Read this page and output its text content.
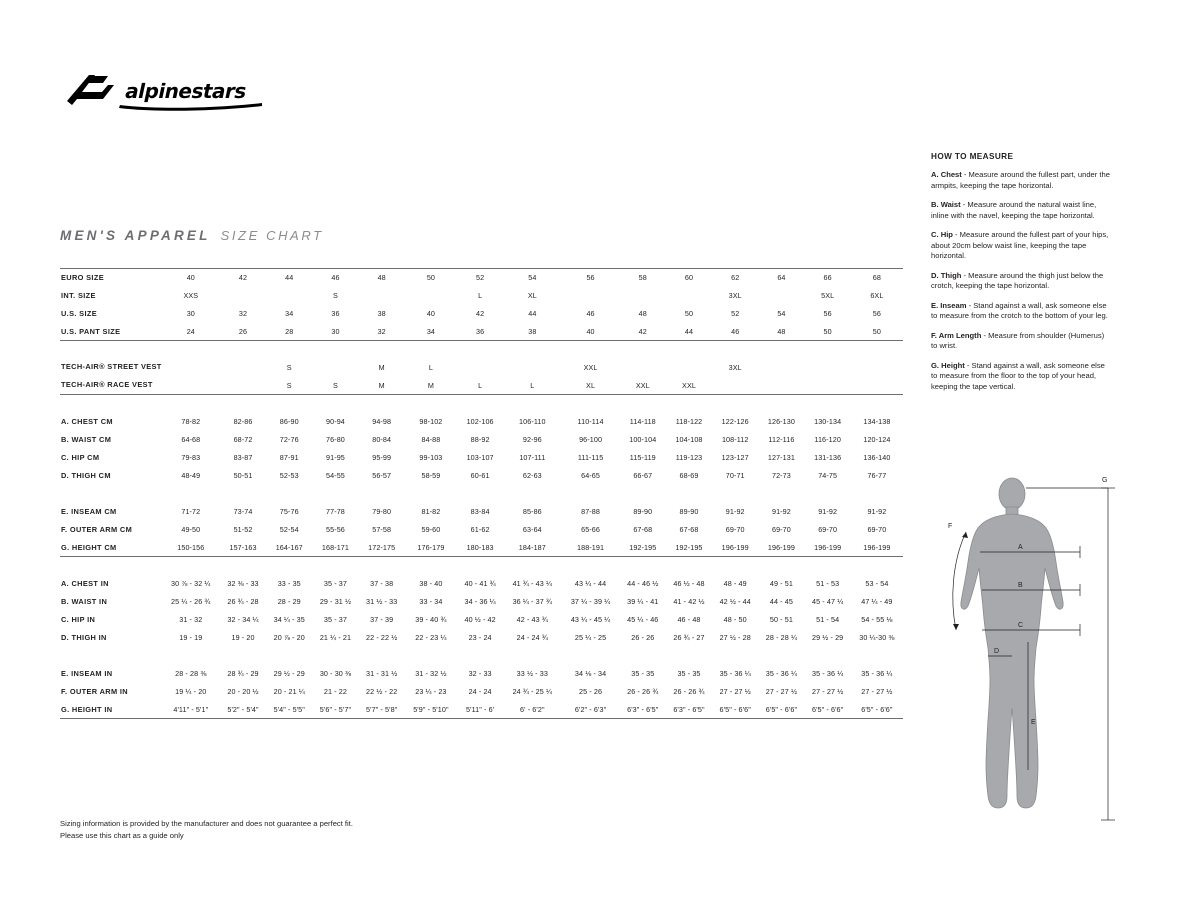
alpinestars
MEN'S APPAREL SIZE CHART
EURO SIZE	40	42	44	46	48	50	52	54	56	58	60	62	64	66	68
INT. SIZE	XXS			S			L	XL				3XL		5XL	6XL
U.S. SIZE	30	32	34	36	38	40	42	44	46	48	50	52	54	56	56
U.S. PANT SIZE	24	26	28	30	32	34	36	38	40	42	44	46	48	50	50

TECH-AIR® STREET VEST			S		M	L			XXL			3XL			
TECH-AIR® RACE VEST			S	S	M	M	L	L	XL	XXL	XXL				

A. CHEST CM	78-82	82-86	86-90	90-94	94-98	98-102	102-106	106-110	110-114	114-118	118-122	122-126	126-130	130-134	134-138
B. WAIST CM	64-68	68-72	72-76	76-80	80-84	84-88	88-92	92-96	96-100	100-104	104-108	108-112	112-116	116-120	120-124
C. HIP CM	79-83	83-87	87-91	91-95	95-99	99-103	103-107	107-111	111-115	115-119	119-123	123-127	127-131	131-136	136-140
D. THIGH CM	48-49	50-51	52-53	54-55	56-57	58-59	60-61	62-63	64-65	66-67	68-69	70-71	72-73	74-75	76-77

E. INSEAM CM	71-72	73-74	75-76	77-78	79-80	81-82	83-84	85-86	87-88	89-90	89-90	91-92	91-92	91-92	91-92
F. OUTER ARM CM	49-50	51-52	52-54	55-56	57-58	59-60	61-62	63-64	65-66	67-68	67-68	69-70	69-70	69-70	69-70
G. HEIGHT CM	150-156	157-163	164-167	168-171	172-175	176-179	180-183	184-187	188-191	192-195	192-195	196-199	196-199	196-199	196-199

A. CHEST IN	30 ⅞ - 32 ¼	32 ⅜ - 33	33 - 35	35 - 37	37 - 38	38 - 40	40 - 41 ¾	41 ¾ - 43 ¼	43 ¼ - 44	44 - 46 ½	46 ½ - 48	48 - 49	49 - 51	51 - 53	53 - 54
B. WAIST IN	25 ¼ - 26 ¾	26 ¾ - 28	28 - 29	29 - 31 ½	31 ½ - 33	33 - 34	34 - 36 ¼	36 ¼ - 37 ¾	37 ¼ - 39 ¼	39 ¼ - 41	41 - 42 ½	42 ½ - 44	44 - 45	45 - 47 ¼	47 ¼ - 49
C. HIP IN	31 - 32	32 - 34 ¼	34 ¼ - 35	35 - 37	37 - 39	39 - 40 ¾	40 ½ - 42	42 - 43 ¾	43 ¼ - 45 ¼	45 ¼ - 46	46 - 48	48 - 50	50 - 51	51 - 54	54 - 55 ⅛
D. THIGH IN	19 - 19	19 - 20	20 ⅞ - 20	21 ¼ - 21	22 - 22 ½	22 - 23 ¼	23 - 24	24 - 24 ¾	25 ¼ - 25	26 - 26	26 ¾ - 27	27 ½ - 28	28 - 28 ¼	29 ½ - 29	30 ¼-30 ⅜

E. INSEAM IN	28 - 28 ⅜	28 ¾ - 29	29 ½ - 29	30 - 30 ⅜	31 - 31 ½	31 - 32 ½	32 - 33	33 ½ - 33	34 ⅛ - 34	35 - 35	35 - 35	35 - 36 ¼	35 - 36 ¼	35 - 36 ¼	35 - 36 ¼
F. OUTER ARM IN	19 ¼ - 20	20 - 20 ½	20 - 21 ¼	21 - 22	22 ½ - 22	23 ¼ - 23	24 - 24	24 ¾ - 25 ¼	25 - 26	26 - 26 ¾	26 - 26 ¾	27 - 27 ½	27 - 27 ½	27 - 27 ½	27 - 27 ½
G. HEIGHT IN	4'11" - 5'1"	5'2" - 5'4"	5'4" - 5'5"	5'6" - 5'7"	5'7" - 5'8"	5'9" - 5'10"	5'11" - 6'	6' - 6'2"	6'2" - 6'3"	6'3" - 6'5"	6'3" - 6'5"	6'5" - 6'6"	6'5" - 6'6"	6'5" - 6'6"	6'5" - 6'6"

HOW TO MEASURE

A. Chest - Measure around the fullest part, under the armpits, keeping the tape horizontal.

B. Waist - Measure around the natural waist line, inline with the navel, keeping the tape horizontal.

C. Hip - Measure around the fullest part of your hips, about 20cm below waist line, keeping the tape horizontal.

D. Thigh - Measure around the thigh just below the crotch, keeping the tape horizontal.

E. Inseam - Stand against a wall, ask someone else to measure from the crotch to the bottom of your leg.

F. Arm Length - Measure from shoulder (Humerus) to wrist.

G. Height - Stand against a wall, ask someone else to measure from the floor to the top of your head, keeping the tape vertical.

G
F
A
B
C
D
E
Sizing information is provided by the manufacturer and does not guarantee a perfect fit.
Please use this chart as a guide only
